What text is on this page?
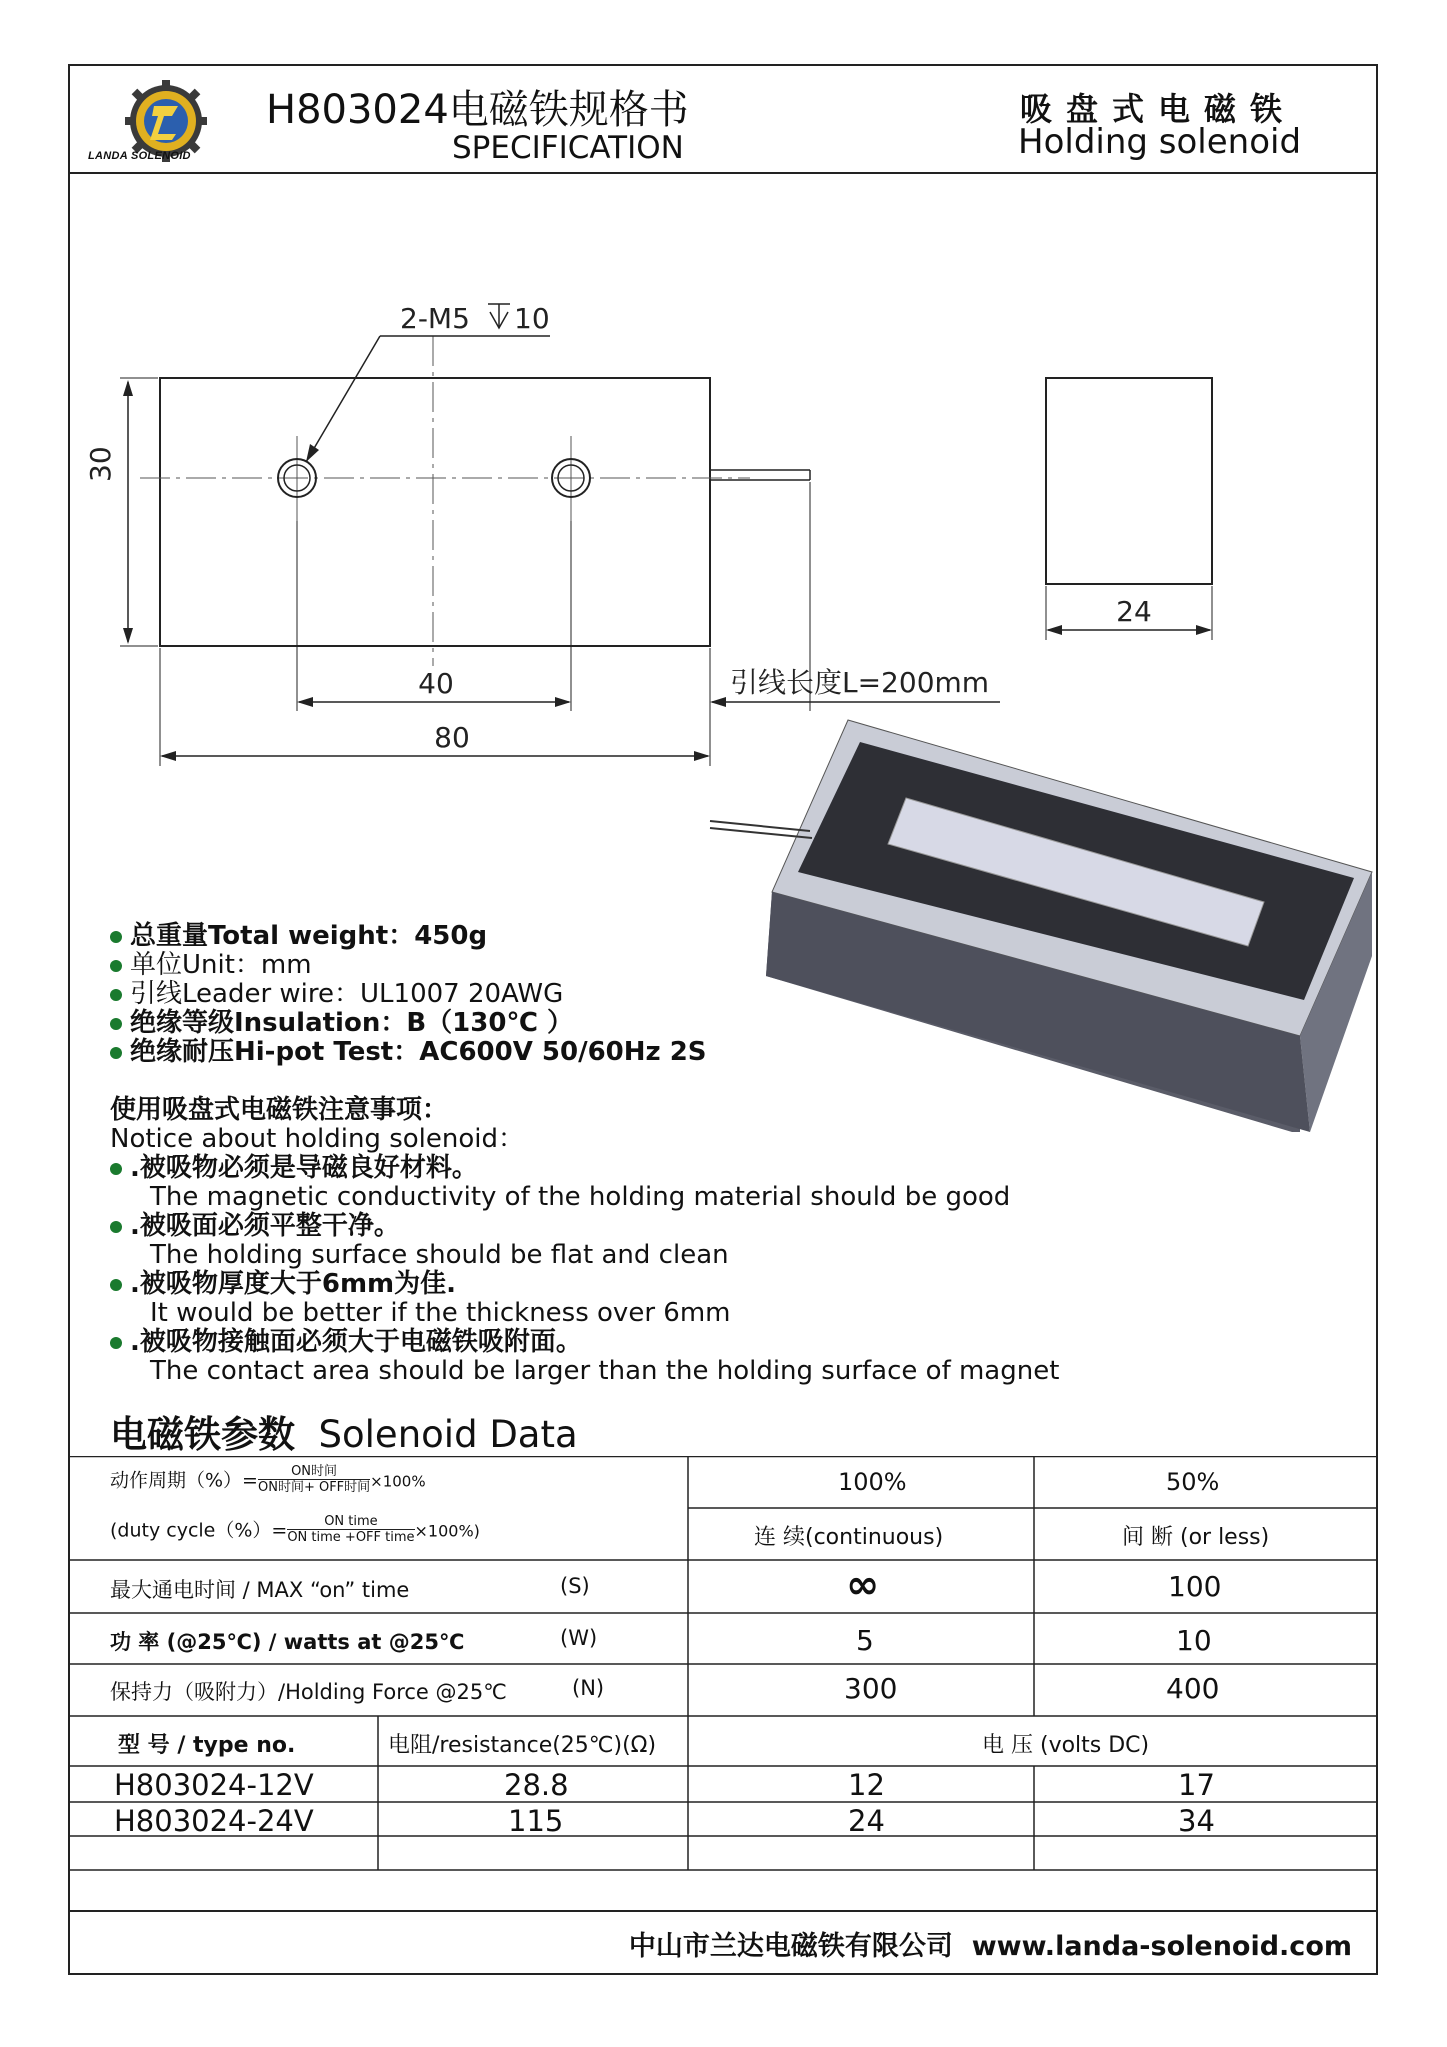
LANDA SOLENOID
H803024电磁铁规格书
SPECIFICATION
吸盘式电磁铁
Holding solenoid
2-M5 10
30
40
80
引线长度L=200mm
24
总重量Total weight：450g
单位Unit：mm
引线Leader wire：UL1007 20AWG
绝缘等级Insulation：B（130℃ ）
绝缘耐压Hi-pot Test：AC600V 50/60Hz 2S
使用吸盘式电磁铁注意事项：
Notice about holding solenoid：
.被吸物必须是导磁良好材料。
The magnetic conductivity of the holding material should be good
.被吸面必须平整干净。
The holding surface should be flat and clean
.被吸物厚度大于6mm为佳.
It would be better if the thickness over 6mm
.被吸物接触面必须大于电磁铁吸附面。
The contact area should be larger than the holding surface of magnet
电磁铁参数 Solenoid Data
动作周期（%）= $\frac{\text{ON时间}}{\text{ON时间+ OFF时间}} \times 100\%$
(duty cycle（%）= $\frac{\text{ON time}}{\text{ON time +OFF time}} \times 100\%$)
100%	50%
连 续(continuous)	间 断 (or less)
最大通电时间 / MAX “on” time	(S)	∞	100
功 率 (@25℃) / watts at @25℃	(W)	5	10
保持力（吸附力）/Holding Force @25℃	(N)	300	400
型 号 / type no.	电阻/resistance(25℃)(Ω)	电 压 (volts DC)
H803024-12V	28.8	12	17
H803024-24V	115	24	34
中山市兰达电磁铁有限公司 www.landa-solenoid.com
